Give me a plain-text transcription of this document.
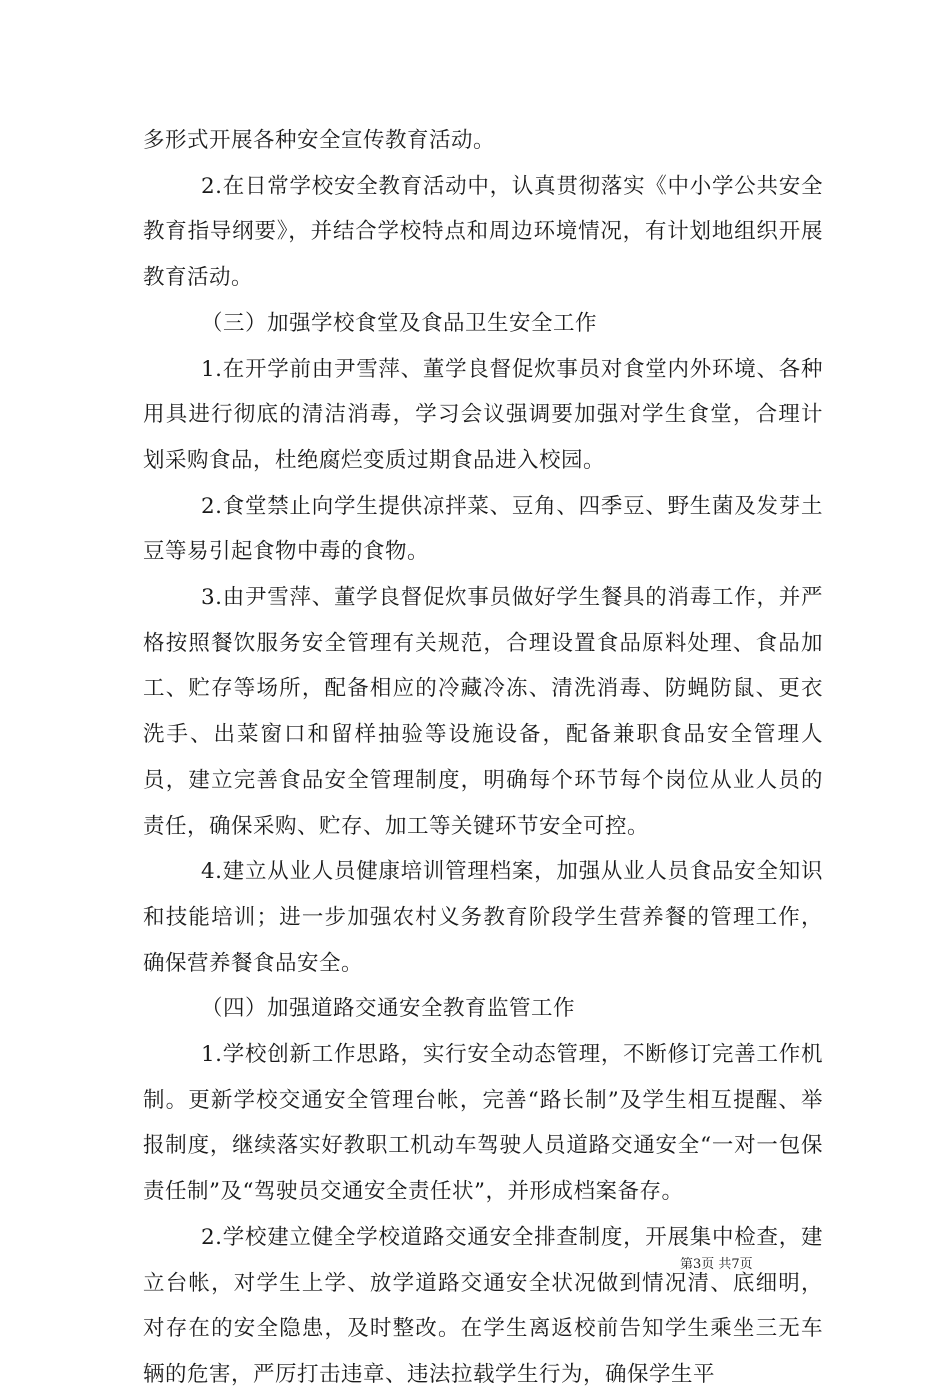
多形式开展各种安全宣传教育活动。

2.在日常学校安全教育活动中，认真贯彻落实《中小学公共安全教育指导纲要》，并结合学校特点和周边环境情况，有计划地组织开展教育活动。

（三）加强学校食堂及食品卫生安全工作

1.在开学前由尹雪萍、董学良督促炊事员对食堂内外环境、各种用具进行彻底的清洁消毒，学习会议强调要加强对学生食堂，合理计划采购食品，杜绝腐烂变质过期食品进入校园。

2.食堂禁止向学生提供凉拌菜、豆角、四季豆、野生菌及发芽土豆等易引起食物中毒的食物。

3.由尹雪萍、董学良督促炊事员做好学生餐具的消毒工作，并严格按照餐饮服务安全管理有关规范，合理设置食品原料处理、食品加工、贮存等场所，配备相应的冷藏冷冻、清洗消毒、防蝇防鼠、更衣洗手、出菜窗口和留样抽验等设施设备，配备兼职食品安全管理人员，建立完善食品安全管理制度，明确每个环节每个岗位从业人员的责任，确保采购、贮存、加工等关键环节安全可控。

4.建立从业人员健康培训管理档案，加强从业人员食品安全知识和技能培训；进一步加强农村义务教育阶段学生营养餐的管理工作，确保营养餐食品安全。

（四）加强道路交通安全教育监管工作

1.学校创新工作思路，实行安全动态管理，不断修订完善工作机制。更新学校交通安全管理台帐，完善“路长制”及学生相互提醒、举报制度，继续落实好教职工机动车驾驶人员道路交通安全“一对一包保责任制”及“驾驶员交通安全责任状”，并形成档案备存。

2.学校建立健全学校道路交通安全排查制度，开展集中检查，建立台帐，对学生上学、放学道路交通安全状况做到情况清、底细明，对存在的安全隐患，及时整改。在学生离返校前告知学生乘坐三无车辆的危害，严厉打击违章、违法拉载学生行为，确保学生平

第3页 共7页
